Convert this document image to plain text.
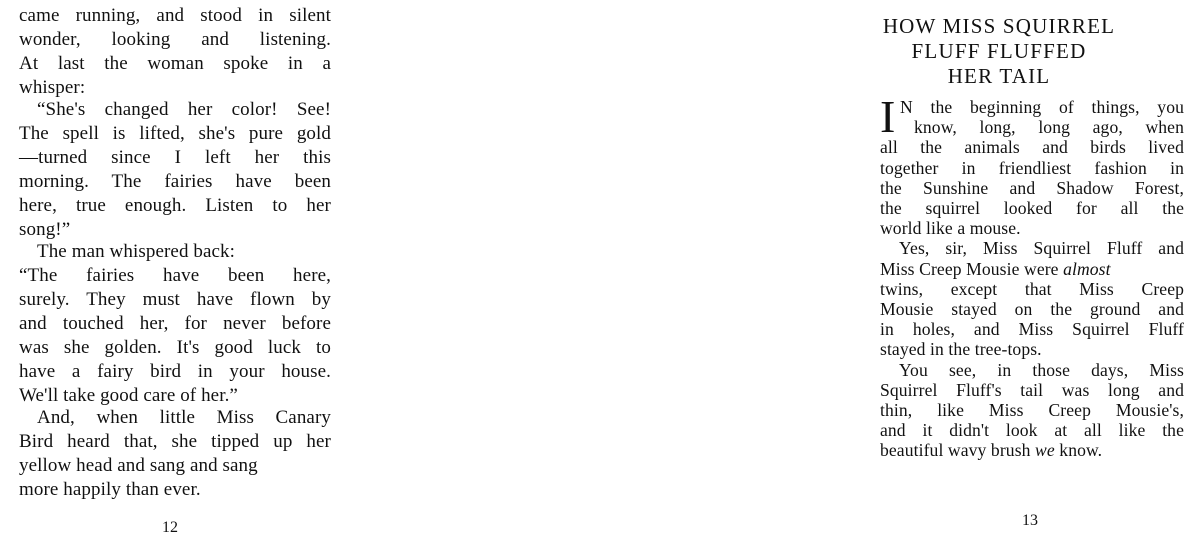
came running, and stood in silent
wonder, looking and listening.
At last the woman spoke in a
whisper:
“She's changed her color! See!
The spell is lifted, she's pure gold
—turned since I left her this
morning. The fairies have been
here, true enough. Listen to her
song!”
The man whispered back:
“The fairies have been here,
surely. They must have flown by
and touched her, for never before
was she golden. It's good luck to
have a fairy bird in your house.
We'll take good care of her.”
And, when little Miss Canary
Bird heard that, she tipped up her
yellow head and sang and sang
more happily than ever.
12
HOW MISS SQUIRREL
FLUFF FLUFFED
HER TAIL
I N the beginning of things, you
know, long, long ago, when
all the animals and birds lived
together in friendliest fashion in
the Sunshine and Shadow Forest,
the squirrel looked for all the
world like a mouse.
Yes, sir, Miss Squirrel Fluff and
Miss Creep Mousie were almost
twins, except that Miss Creep
Mousie stayed on the ground and
in holes, and Miss Squirrel Fluff
stayed in the tree-tops.
You see, in those days, Miss
Squirrel Fluff's tail was long and
thin, like Miss Creep Mousie's,
and it didn't look at all like the
beautiful wavy brush we know.
13
